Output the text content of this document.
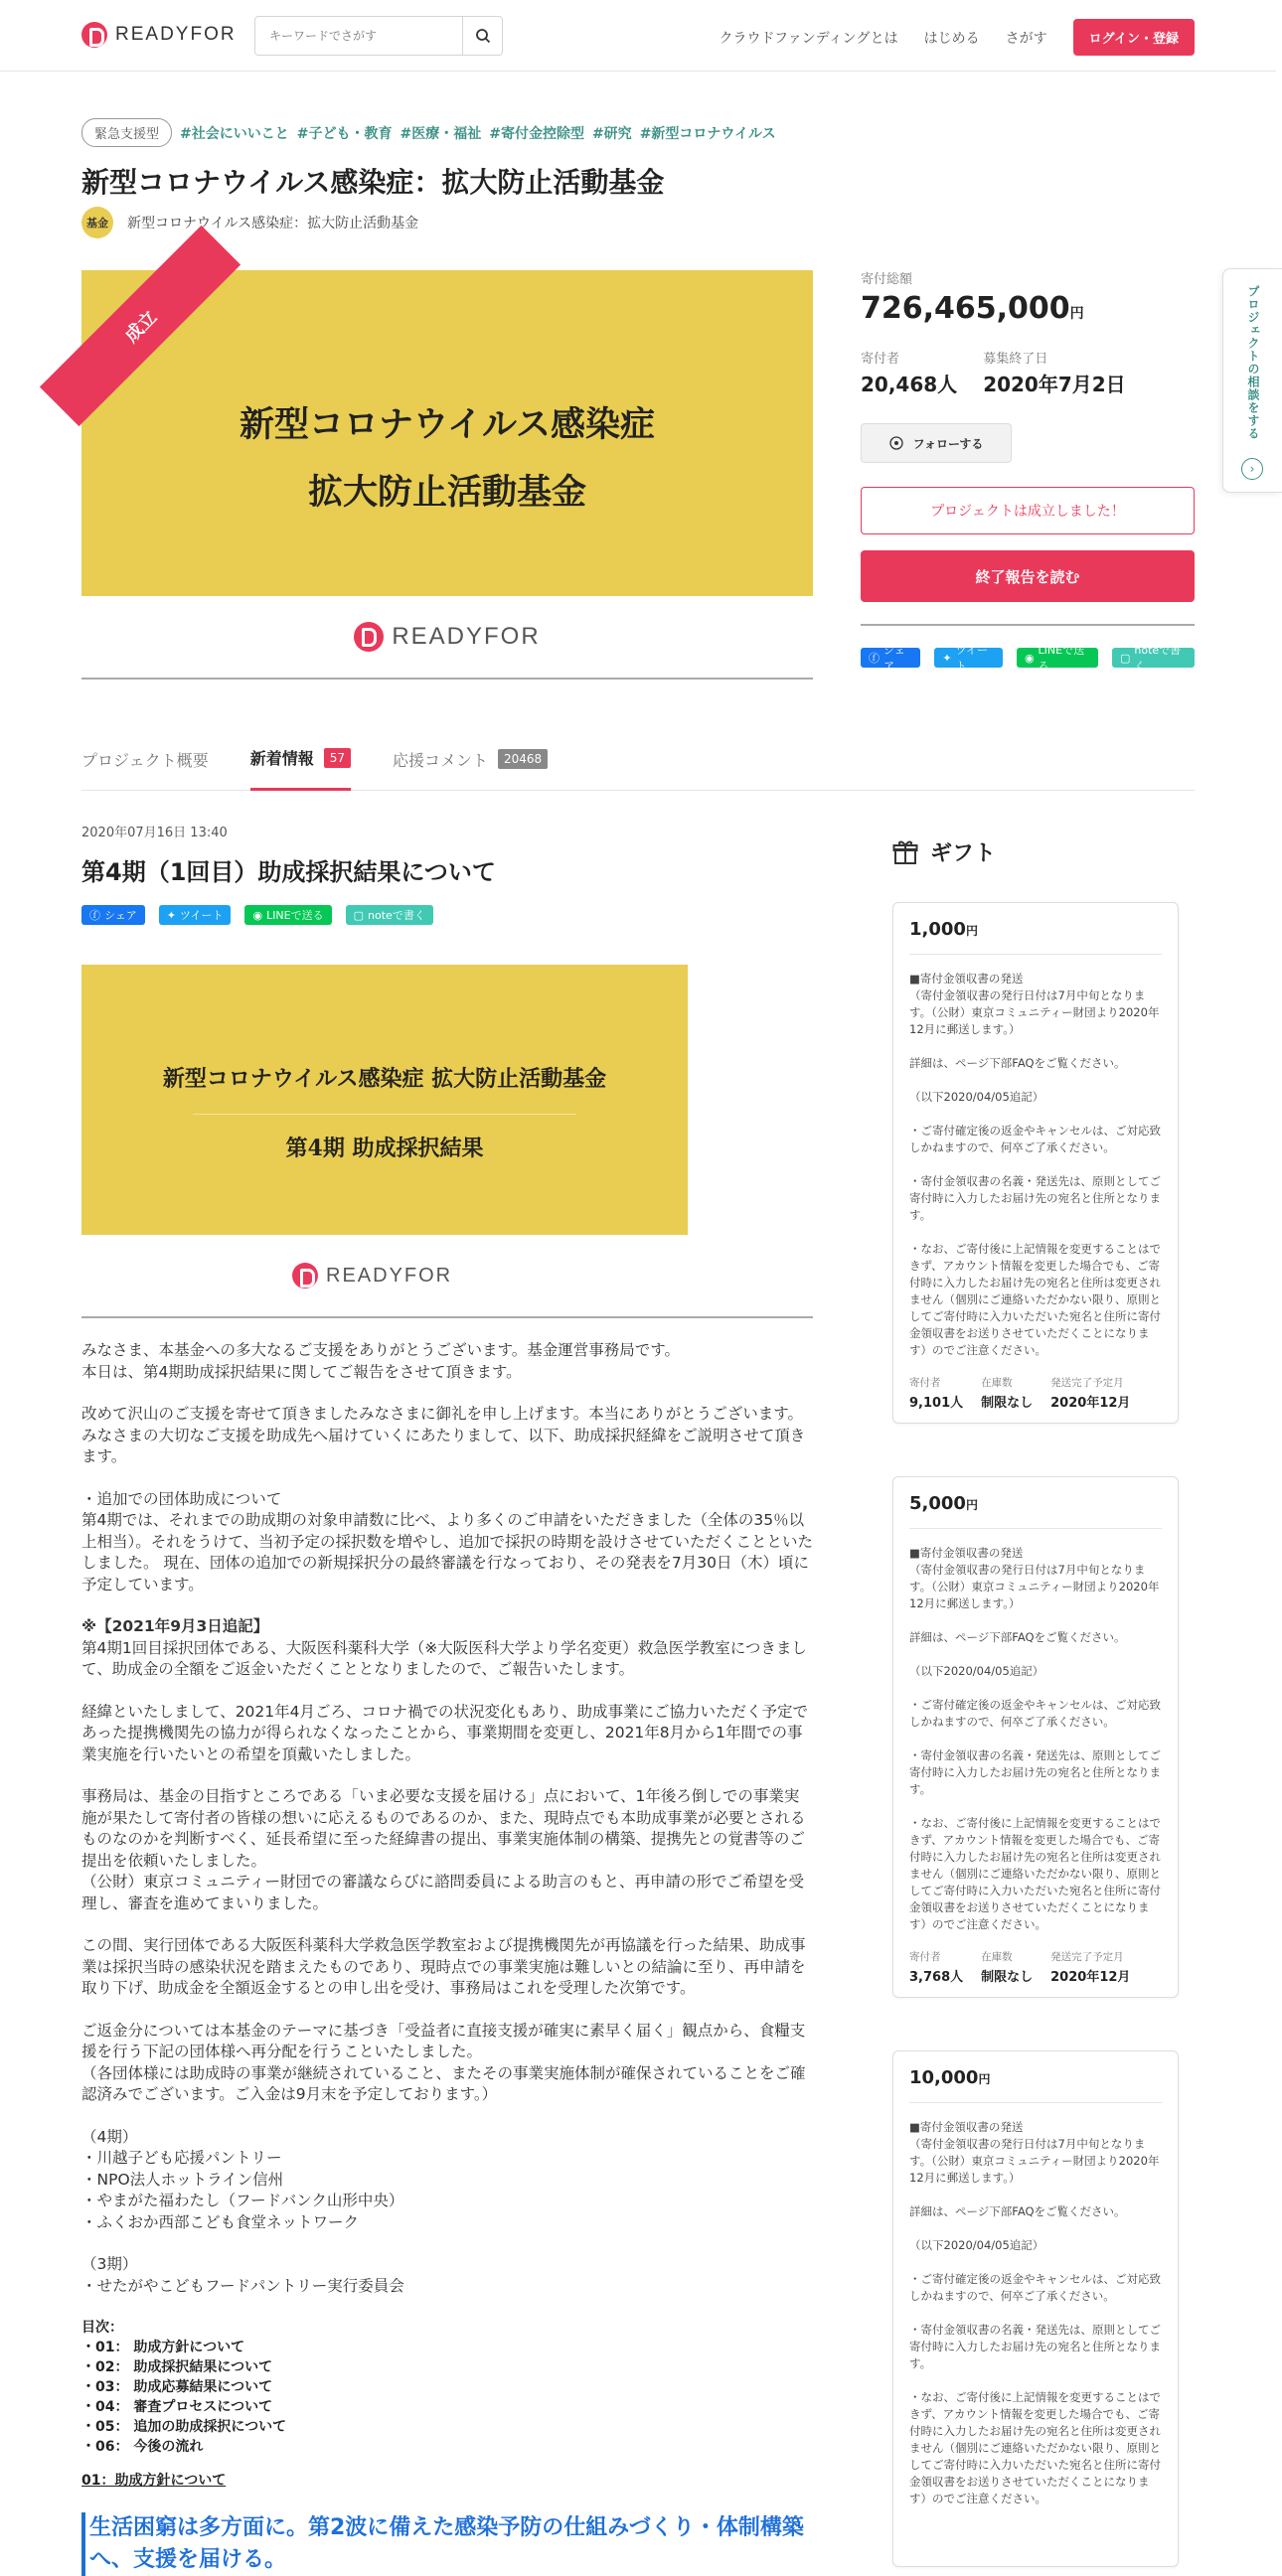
READYFOR
キーワードでさがす	クラウドファンディングとは はじめる さがす	ログイン・登録
緊急支援型	#社会にいいこと #子ども・教育 #医療・福祉 #寄付金控除型 #研究 #新型コロナウイルス
新型コロナウイルス感染症：拡大防止活動基金
基金	新型コロナウイルス感染症：拡大防止活動基金
新型コロナウイルス感染症
拡大防止活動基金
成立
READYFOR
寄付総額
726,465,000円
寄付者
20,468人
募集終了日
2020年7月2日
フォローする
プロジェクトは成立しました！
終了報告を読む
ⓕ
シェア
✦
ツイート
◉
LINEで送る
▢
noteで書く
プロジェクトの相談をする
›
プロジェクト概要	新着情報	57	応援コメント	20468
2020年07月16日 13:40
第4期（1回目）助成採択結果について
ⓕ シェア	✦ ツイート	◉ LINEで送る	▢ noteで書く
新型コロナウイルス感染症 拡大防止活動基金
第4期 助成採択結果
READYFOR

みなさま、本基金への多大なるご支援をありがとうございます。基金運営事務局です。
本日は、第4期助成採択結果に関してご報告をさせて頂きます。

改めて沢山のご支援を寄せて頂きましたみなさまに御礼を申し上げます。本当にありがとうございます。みなさまの大切なご支援を助成先へ届けていくにあたりまして、以下、助成採択経緯をご説明させて頂きます。

・追加での団体助成について
第4期では、それまでの助成期の対象申請数に比べ、より多くのご申請をいただきました（全体の35％以上相当）。それをうけて、当初予定の採択数を増やし、追加で採択の時期を設けさせていただくことといたしました。 現在、団体の追加での新規採択分の最終審議を行なっており、その発表を7月30日（木）頃に予定しています。

※【2021年9月3日追記】
第4期1回目採択団体である、大阪医科薬科大学（※大阪医科大学より学名変更）救急医学教室につきまして、助成金の全額をご返金いただくこととなりましたので、ご報告いたします。

経緯といたしまして、2021年4月ごろ、コロナ禍での状況変化もあり、助成事業にご協力いただく予定であった提携機関先の協力が得られなくなったことから、事業期間を変更し、2021年8月から1年間での事業実施を行いたいとの希望を頂戴いたしました。

事務局は、基金の目指すところである「いま必要な支援を届ける」点において、1年後ろ倒しでの事業実施が果たして寄付者の皆様の想いに応えるものであるのか、また、現時点でも本助成事業が必要とされるものなのかを判断すべく、延長希望に至った経緯書の提出、事業実施体制の構築、提携先との覚書等のご提出を依頼いたしました。
（公財）東京コミュニティー財団での審議ならびに諮問委員による助言のもと、再申請の形でご希望を受理し、審査を進めてまいりました。

この間、実行団体である大阪医科薬科大学救急医学教室および提携機関先が再協議を行った結果、助成事業は採択当時の感染状況を踏まえたものであり、現時点での事業実施は難しいとの結論に至り、再申請を取り下げ、助成金を全額返金するとの申し出を受け、事務局はこれを受理した次第です。

ご返金分については本基金のテーマに基づき「受益者に直接支援が確実に素早く届く」観点から、食糧支援を行う下記の団体様へ再分配を行うこといたしました。
（各団体様には助成時の事業が継続されていること、またその事業実施体制が確保されていることをご確認済みでございます。ご入金は9月末を予定しております。）

（4期）
・川越子ども応援パントリー
・NPO法人ホットライン信州
・やまがた福わたし（フードバンク山形中央）
・ふくおか西部こども食堂ネットワーク

（3期）
・せたがやこどもフードパントリー実行委員会

目次：
・01： 助成方針について
・02： 助成採択結果について
・03： 助成応募結果について
・04： 審査プロセスについて
・05： 追加の助成採択について
・06： 今後の流れ
01：助成方針について
生活困窮は多方面に。第2波に備えた感染予防の仕組みづくり・体制構築へ、支援を届ける。
ギフト
1,000円
■寄付金領収書の発送
（寄付金領収書の発行日付は7月中旬となります。（公財）東京コミュニティー財団より2020年12月に郵送します。）

詳細は、ページ下部FAQをご覧ください。

（以下2020/04/05追記）

・ご寄付確定後の返金やキャンセルは、ご対応致しかねますので、何卒ご了承ください。

・寄付金領収書の名義・発送先は、原則としてご寄付時に入力したお届け先の宛名と住所となります。

・なお、ご寄付後に上記情報を変更することはできず、アカウント情報を変更した場合でも、ご寄付時に入力したお届け先の宛名と住所は変更されません（個別にご連絡いただかない限り、原則としてご寄付時に入力いただいた宛名と住所に寄付金領収書をお送りさせていただくことになります）のでご注意ください。
寄付者
9,101人
在庫数
制限なし
発送完了予定月
2020年12月
5,000円
■寄付金領収書の発送
（寄付金領収書の発行日付は7月中旬となります。（公財）東京コミュニティー財団より2020年12月に郵送します。）

詳細は、ページ下部FAQをご覧ください。

（以下2020/04/05追記）

・ご寄付確定後の返金やキャンセルは、ご対応致しかねますので、何卒ご了承ください。

・寄付金領収書の名義・発送先は、原則としてご寄付時に入力したお届け先の宛名と住所となります。

・なお、ご寄付後に上記情報を変更することはできず、アカウント情報を変更した場合でも、ご寄付時に入力したお届け先の宛名と住所は変更されません（個別にご連絡いただかない限り、原則としてご寄付時に入力いただいた宛名と住所に寄付金領収書をお送りさせていただくことになります）のでご注意ください。
寄付者
3,768人
在庫数
制限なし
発送完了予定月
2020年12月
10,000円
■寄付金領収書の発送
（寄付金領収書の発行日付は7月中旬となります。（公財）東京コミュニティー財団より2020年12月に郵送します。）

詳細は、ページ下部FAQをご覧ください。

（以下2020/04/05追記）

・ご寄付確定後の返金やキャンセルは、ご対応致しかねますので、何卒ご了承ください。

・寄付金領収書の名義・発送先は、原則としてご寄付時に入力したお届け先の宛名と住所となります。

・なお、ご寄付後に上記情報を変更することはできず、アカウント情報を変更した場合でも、ご寄付時に入力したお届け先の宛名と住所は変更されません（個別にご連絡いただかない限り、原則としてご寄付時に入力いただいた宛名と住所に寄付金領収書をお送りさせていただくことになります）のでご注意ください。
